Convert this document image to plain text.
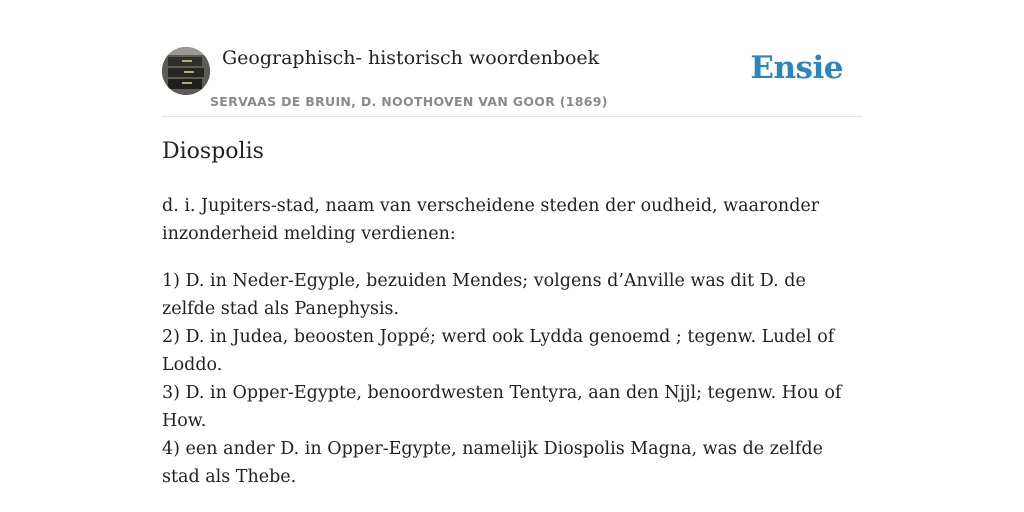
Geographisch- historisch woordenboek
SERVAAS DE BRUIN, D. NOOTHOVEN VAN GOOR (1869)
Ensie
Diospolis

d. i. Jupiters-stad, naam van verscheidene steden der oudheid, waaronder inzonderheid melding verdienen:

1) D. in Neder-Egyple, bezuiden Mendes; volgens d’Anville was dit D. de zelfde stad als Panephysis.
2) D. in Judea, beoosten Joppé; werd ook Lydda genoemd ; tegenw. Ludel of Loddo.
3) D. in Opper-Egypte, benoordwesten Tentyra, aan den Njjl; tegenw. Hou of How.
4) een ander D. in Opper-Egypte, namelijk Diospolis Magna, was de zelfde stad als Thebe.
